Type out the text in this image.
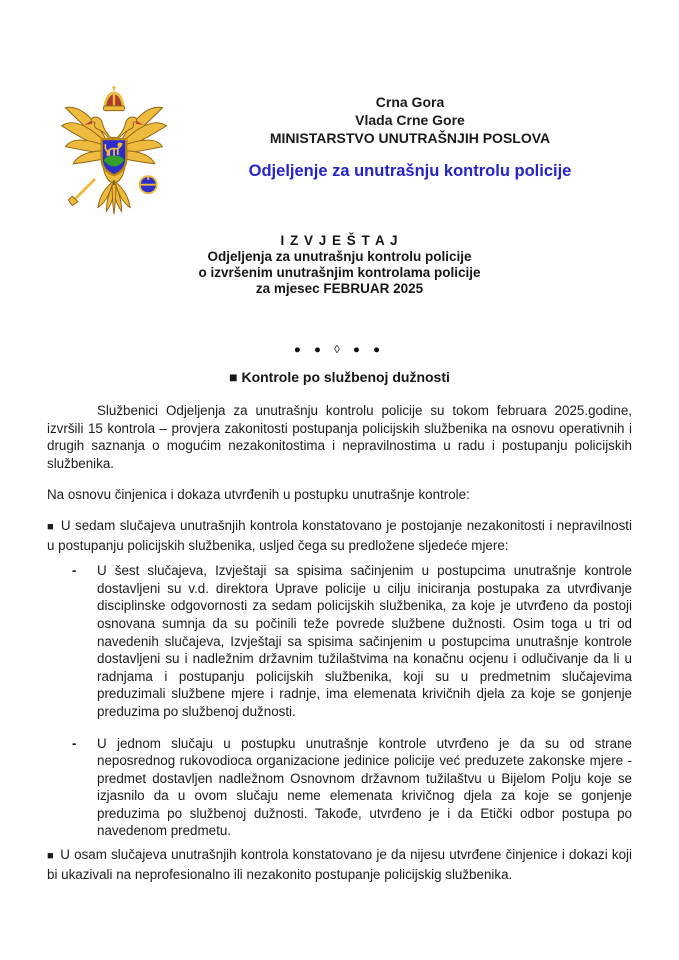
Crna Gora
Vlada Crne Gore
MINISTARSTVO UNUTRAŠNJIH POSLOVA
Odjeljenje za unutrašnju kontrolu policije
I Z V J E Š T A J
Odjeljenja za unutrašnju kontrolu policije
o izvršenim unutrašnjim kontrolama policije
za mjesec FEBRUAR 2025
● ● ◊ ● ●
■ Kontrole po službenoj dužnosti

Službenici Odjeljenja za unutrašnju kontrolu policije su tokom februara 2025.godine, izvršili 15 kontrola – provjera zakonitosti postupanja policijskih službenika na osnovu operativnih i drugih saznanja o mogućim nezakonitostima i nepravilnostima u radu i postupanju policijskih službenika.

Na osnovu činjenica i dokaza utvrđenih u postupku unutrašnje kontrole:

■ U sedam slučajeva unutrašnjih kontrola konstatovano je postojanje nezakonitosti i nepravilnosti u postupanju policijskih službenika, usljed čega su predložene sljedeće mjere:

- U šest slučajeva, Izvještaji sa spisima sačinjenim u postupcima unutrašnje kontrole dostavljeni su v.d. direktora Uprave policije u cilju iniciranja postupaka za utvrđivanje disciplinske odgovornosti za sedam policijskih službenika, za koje je utvrđeno da postoji osnovana sumnja da su počinili teže povrede službene dužnosti. Osim toga u tri od navedenih slučajeva, Izvještaji sa spisima sačinjenim u postupcima unutrašnje kontrole dostavljeni su i nadležnim državnim tužilaštvima na konačnu ocjenu i odlučivanje da li u radnjama i postupanju policijskih službenika, koji su u predmetnim slučajevima preduzimali službene mjere i radnje, ima elemenata krivičnih djela za koje se gonjenje preduzima po službenoj dužnosti.
- U jednom slučaju u postupku unutrašnje kontrole utvrđeno je da su od strane neposrednog rukovodioca organizacione jedinice policije već preduzete zakonske mjere - predmet dostavljen nadležnom Osnovnom državnom tužilaštvu u Bijelom Polju koje se izjasnilo da u ovom slučaju neme elemenata krivičnog djela za koje se gonjenje preduzima po službenoj dužnosti. Takođe, utvrđeno je i da Etički odbor postupa po navedenom predmetu.

■ U osam slučajeva unutrašnjih kontrola konstatovano je da nijesu utvrđene činjenice i dokazi koji bi ukazivali na neprofesionalno ili nezakonito postupanje policijskig službenika.
